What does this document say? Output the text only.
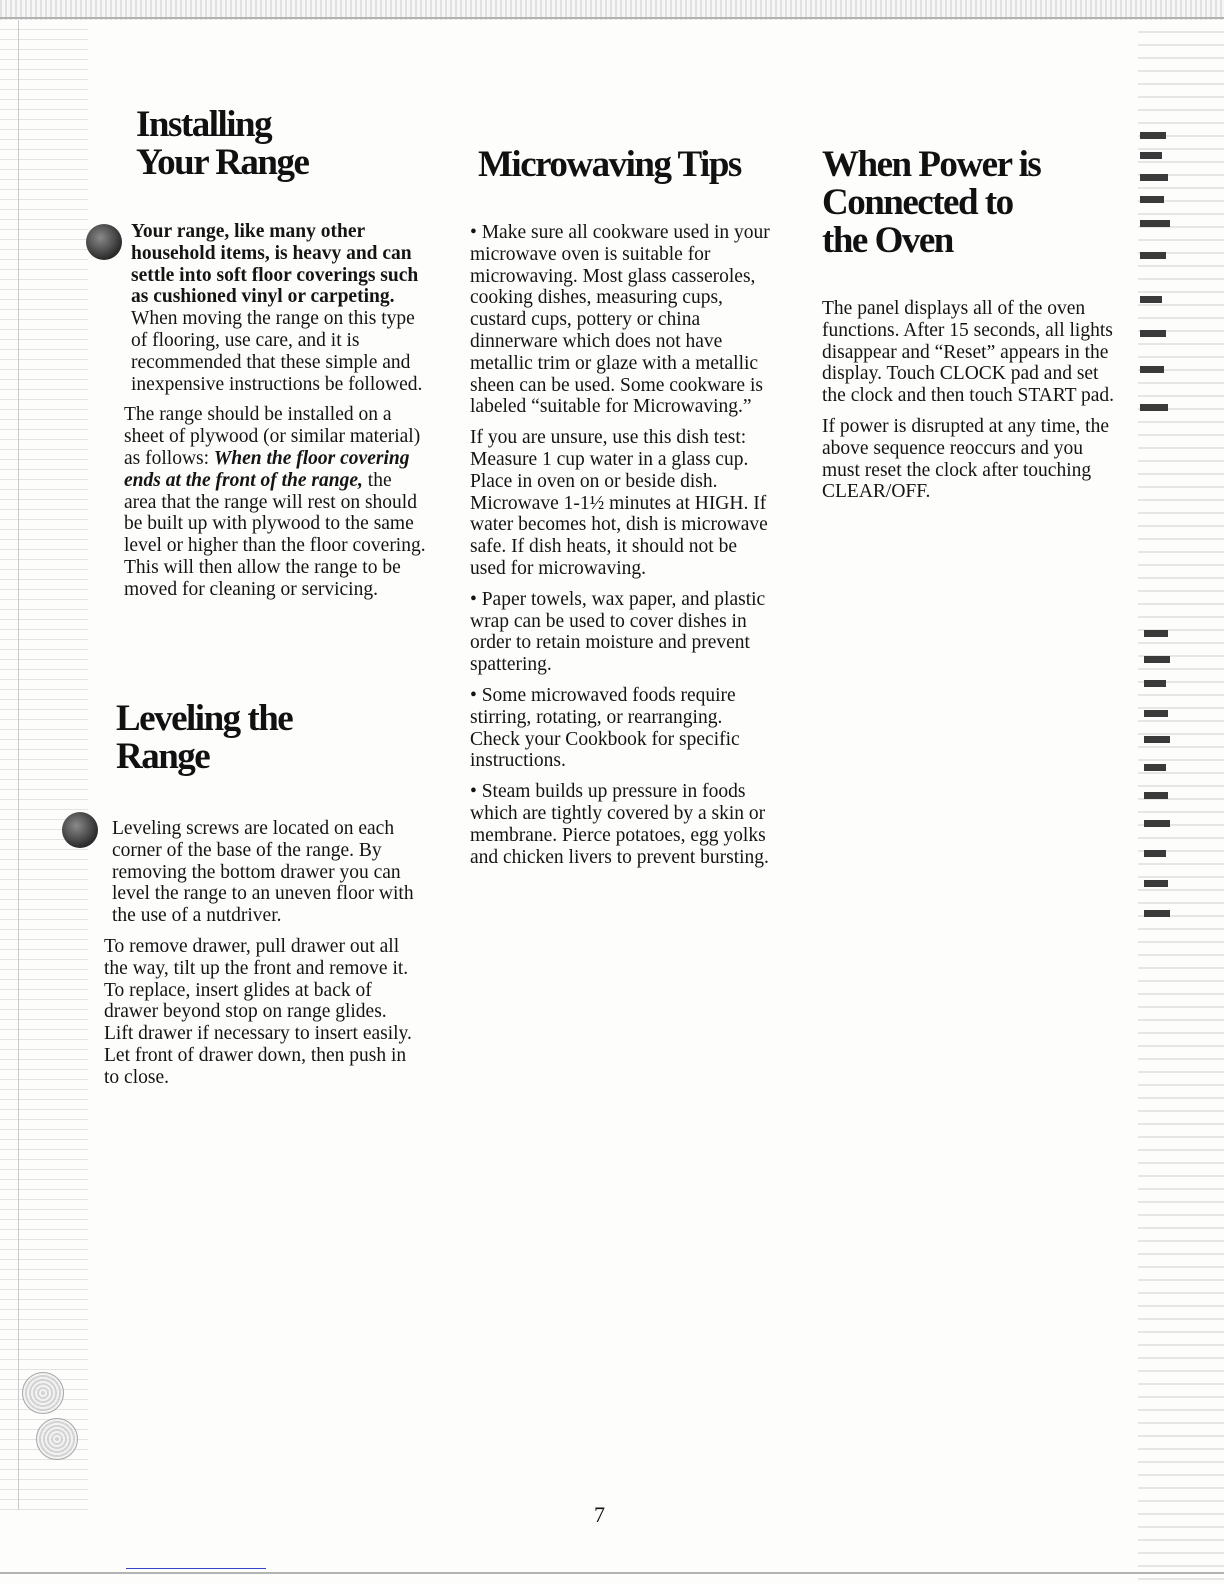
Installing
Your Range

Your range, like many other household items, is heavy and can settle into soft floor coverings such as cushioned vinyl or carpeting. When moving the range on this type of flooring, use care, and it is recommended that these simple and inexpensive instructions be followed.

The range should be installed on a sheet of plywood (or similar material) as follows: When the floor covering ends at the front of the range, the area that the range will rest on should be built up with plywood to the same level or higher than the floor covering. This will then allow the range to be moved for cleaning or servicing.

Leveling the
Range

Leveling screws are located on each corner of the base of the range. By removing the bottom drawer you can level the range to an uneven floor with the use of a nutdriver.

To remove drawer, pull drawer out all the way, tilt up the front and remove it. To replace, insert glides at back of drawer beyond stop on range glides. Lift drawer if necessary to insert easily. Let front of drawer down, then push in to close.

Microwaving Tips

• Make sure all cookware used in your microwave oven is suitable for microwaving. Most glass casseroles, cooking dishes, measuring cups, custard cups, pottery or china dinnerware which does not have metallic trim or glaze with a metallic sheen can be used. Some cookware is labeled “suitable for Microwaving.”

If you are unsure, use this dish test: Measure 1 cup water in a glass cup. Place in oven on or beside dish. Microwave 1-1½ minutes at HIGH. If water becomes hot, dish is microwave safe. If dish heats, it should not be used for microwaving.

• Paper towels, wax paper, and plastic wrap can be used to cover dishes in order to retain moisture and prevent spattering.

• Some microwaved foods require stirring, rotating, or rearranging. Check your Cookbook for specific instructions.

• Steam builds up pressure in foods which are tightly covered by a skin or membrane. Pierce potatoes, egg yolks and chicken livers to prevent bursting.

When Power is
Connected to
the Oven

The panel displays all of the oven functions. After 15 seconds, all lights disappear and “Reset” appears in the display. Touch CLOCK pad and set the clock and then touch START pad.

If power is disrupted at any time, the above sequence reoccurs and you must reset the clock after touching CLEAR/OFF.

7
